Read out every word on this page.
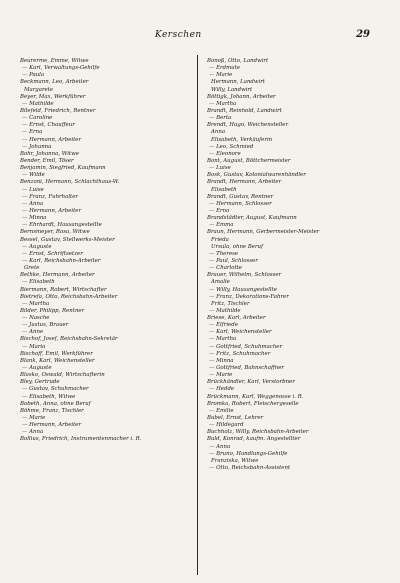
Kerschen	29
Beurerme, Emme, Witwe
— Karl, Verwaltungs-Gehilfe
— Paula
Beckmann, Leo, Arbeiter
Margarete
Beyer, Max, Werkführer
— Mathilde
Bilefeld, Friedrich, Rentner
— Caroline
— Ernst, Chauffeur
— Erna
— Hermann, Arbeiter
— Johanna
Bohr, Johanna, Witwe
Bender, Emil, Töser
Benjamin, Siegfried, Kaufmann
— Wilde
Benzoni, Hermann, Schlachthaus-W.
— Luise
— Franz, Fuhrhalter
— Anna
— Hermann, Arbeiter
— Minna
— Ehrhardt, Hausangestellte
Bernsmeyer, Rosa, Witwe
Bessel, Gustav, Stellwerks-Meister
— Auguste
— Ernst, Schriftsetzer
— Karl, Reichsbahn-Arbeiter
Grete
Bethke, Hermann, Arbeiter
— Elisabeth
Biermann, Robert, Wirtschafter
Bietrefa, Otto, Reichsbahn-Arbeiter
— Martha
Bilder, Philipp, Rentner
— Nasche
— Justus, Brauer
— Anne
Bischof, Josef, Reichsbahn-Sekretär
— Maria
Bischoff, Emil, Werkführer
Blank, Karl, Weichensteller
— Auguste
Blasko, Oswald, Wirtschafterin
Bley, Gertrude
— Gustav, Schuhmacher
— Elisabeth, Witwe
Bobeth, Anna, ohne Beruf
Böhme, Franz, Tischler
— Marie
— Hermann, Arbeiter
— Anna
Bollius, Friedrich, Instrumentenmacher i. R.
Bonoß, Otto, Landwirt
— Erdmute
— Marie
Hermann, Landwirt
Willy, Landwirt
Böttigk, Johann, Arbeiter
— Martha
Brandt, Reinhold, Landwirt
— Berta
Brendt, Hugo, Weichensteller
Anna
Elisabeth, Verkäuferin
— Leo, Schmied
— Eleonore
Bont, August, Böttchermeister
— Luise
Bosk, Gustav, Kolonialwarenhändler
Brandt, Hermann, Arbeiter
Elisabeth
Brandt, Gustav, Rentner
— Hermann, Schlosser
— Erna
Brandstädter, August, Kaufmann
— Emma
Braun, Hermann, Gerbermeister-Meister
Frieda
Ursula, ohne Beruf
— Therese
— Paul, Schlosser
— Charlotte
Brauer, Wilhelm, Schlosser
Amalie
— Willy, Hausangestellte
— Franz, Dekorations-Fahrer
Fritz, Tischler
— Mathilde
Briese, Karl, Arbeiter
— Elfriede
— Karl, Weichensteller
— Martha
— Gottfried, Schuhmacher
— Fritz, Schuhmacher
— Minna
— Gottfried, Bahnschaffner
— Marie
Brückhändler, Karl, Verstorbner
— Hedde
Brückmann, Karl, Weggenosse i. R.
Bromka, Robert, Fleischergeselle
— Emilie
Bubel, Ernst, Lehrer
— Hildegard
Buchholz, Willy, Reichsbahn-Arbeiter
Buld, Konrad, kaufm. Angestellter
— Anna
— Bruno, Handlungs-Gehilfe
Franziska, Witwe
— Otto, Reichsbahn-Assistent
